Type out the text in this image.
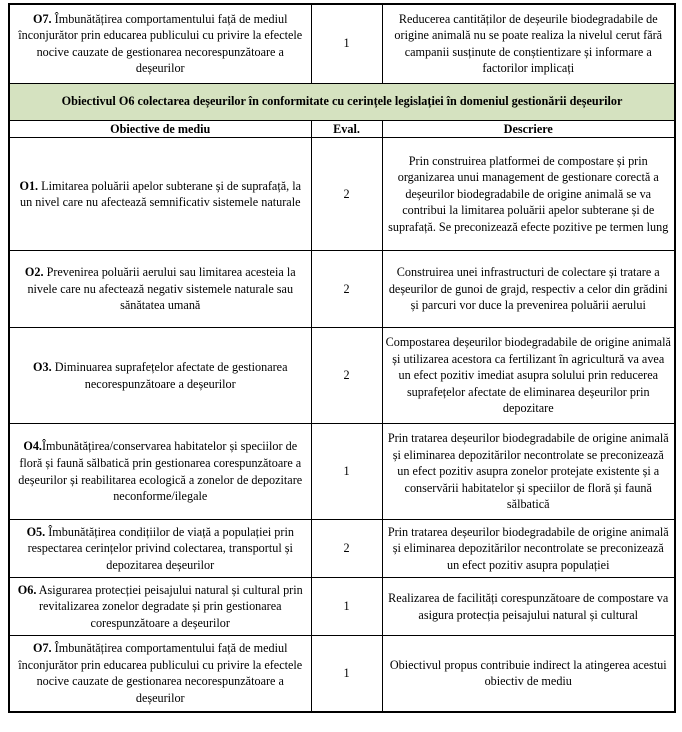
O7. Îmbunătățirea comportamentului față de mediul înconjurător prin educarea publicului cu privire la efectele nocive cauzate de gestionarea necorespunzătoare a deșeurilor	1	Reducerea cantităților de deșeurile biodegradabile de origine animală nu se poate realiza la nivelul cerut fără campanii susținute de conștientizare și informare a factorilor implicați
Obiectivul O6 colectarea deșeurilor în conformitate cu cerințele legislației în domeniul gestionării deșeurilor		
Obiective de mediu	Eval.	Descriere
O1. Limitarea poluării apelor subterane și de suprafață, la un nivel care nu afectează semnificativ sistemele naturale	2	Prin construirea platformei de compostare și prin organizarea unui management de gestionare corectă a deșeurilor biodegradabile de origine animală se va contribui la limitarea poluării apelor subterane și de suprafață. Se preconizează efecte pozitive pe termen lung
O2. Prevenirea poluării aerului sau limitarea acesteia la nivele care nu afectează negativ sistemele naturale sau sănătatea umană	2	Construirea unei infrastructuri de colectare și tratare a deșeurilor de gunoi de grajd, respectiv a celor din grădini și parcuri vor duce la prevenirea poluării aerului
O3. Diminuarea suprafețelor afectate de gestionarea necorespunzătoare a deșeurilor	2	Compostarea deșeurilor biodegradabile de origine animală și utilizarea acestora ca fertilizant în agricultură va avea un efect pozitiv imediat asupra solului prin reducerea suprafețelor afectate de eliminarea deșeurilor prin depozitare
O4.Îmbunătățirea/conservarea habitatelor și speciilor de floră și faună sălbatică prin gestionarea corespunzătoare a deșeurilor și reabilitarea ecologică a zonelor de depozitare neconforme/ilegale	1	Prin tratarea deșeurilor biodegradabile de origine animală și eliminarea depozitărilor necontrolate se preconizează un efect pozitiv asupra zonelor protejate existente și a conservării habitatelor și speciilor de floră și faună sălbatică
O5. Îmbunătățirea condițiilor de viață a populației prin respectarea cerințelor privind colectarea, transportul și depozitarea deșeurilor	2	Prin tratarea deșeurilor biodegradabile de origine animală și eliminarea depozitărilor necontrolate se preconizează un efect pozitiv asupra populației
O6. Asigurarea protecției peisajului natural și cultural prin revitalizarea zonelor degradate și prin gestionarea corespunzătoare a deșeurilor	1	Realizarea de facilități corespunzătoare de compostare va asigura protecția peisajului natural și cultural
O7. Îmbunătățirea comportamentului față de mediul înconjurător prin educarea publicului cu privire la efectele nocive cauzate de gestionarea necorespunzătoare a deșeurilor	1	Obiectivul propus contribuie indirect la atingerea acestui obiectiv de mediu
